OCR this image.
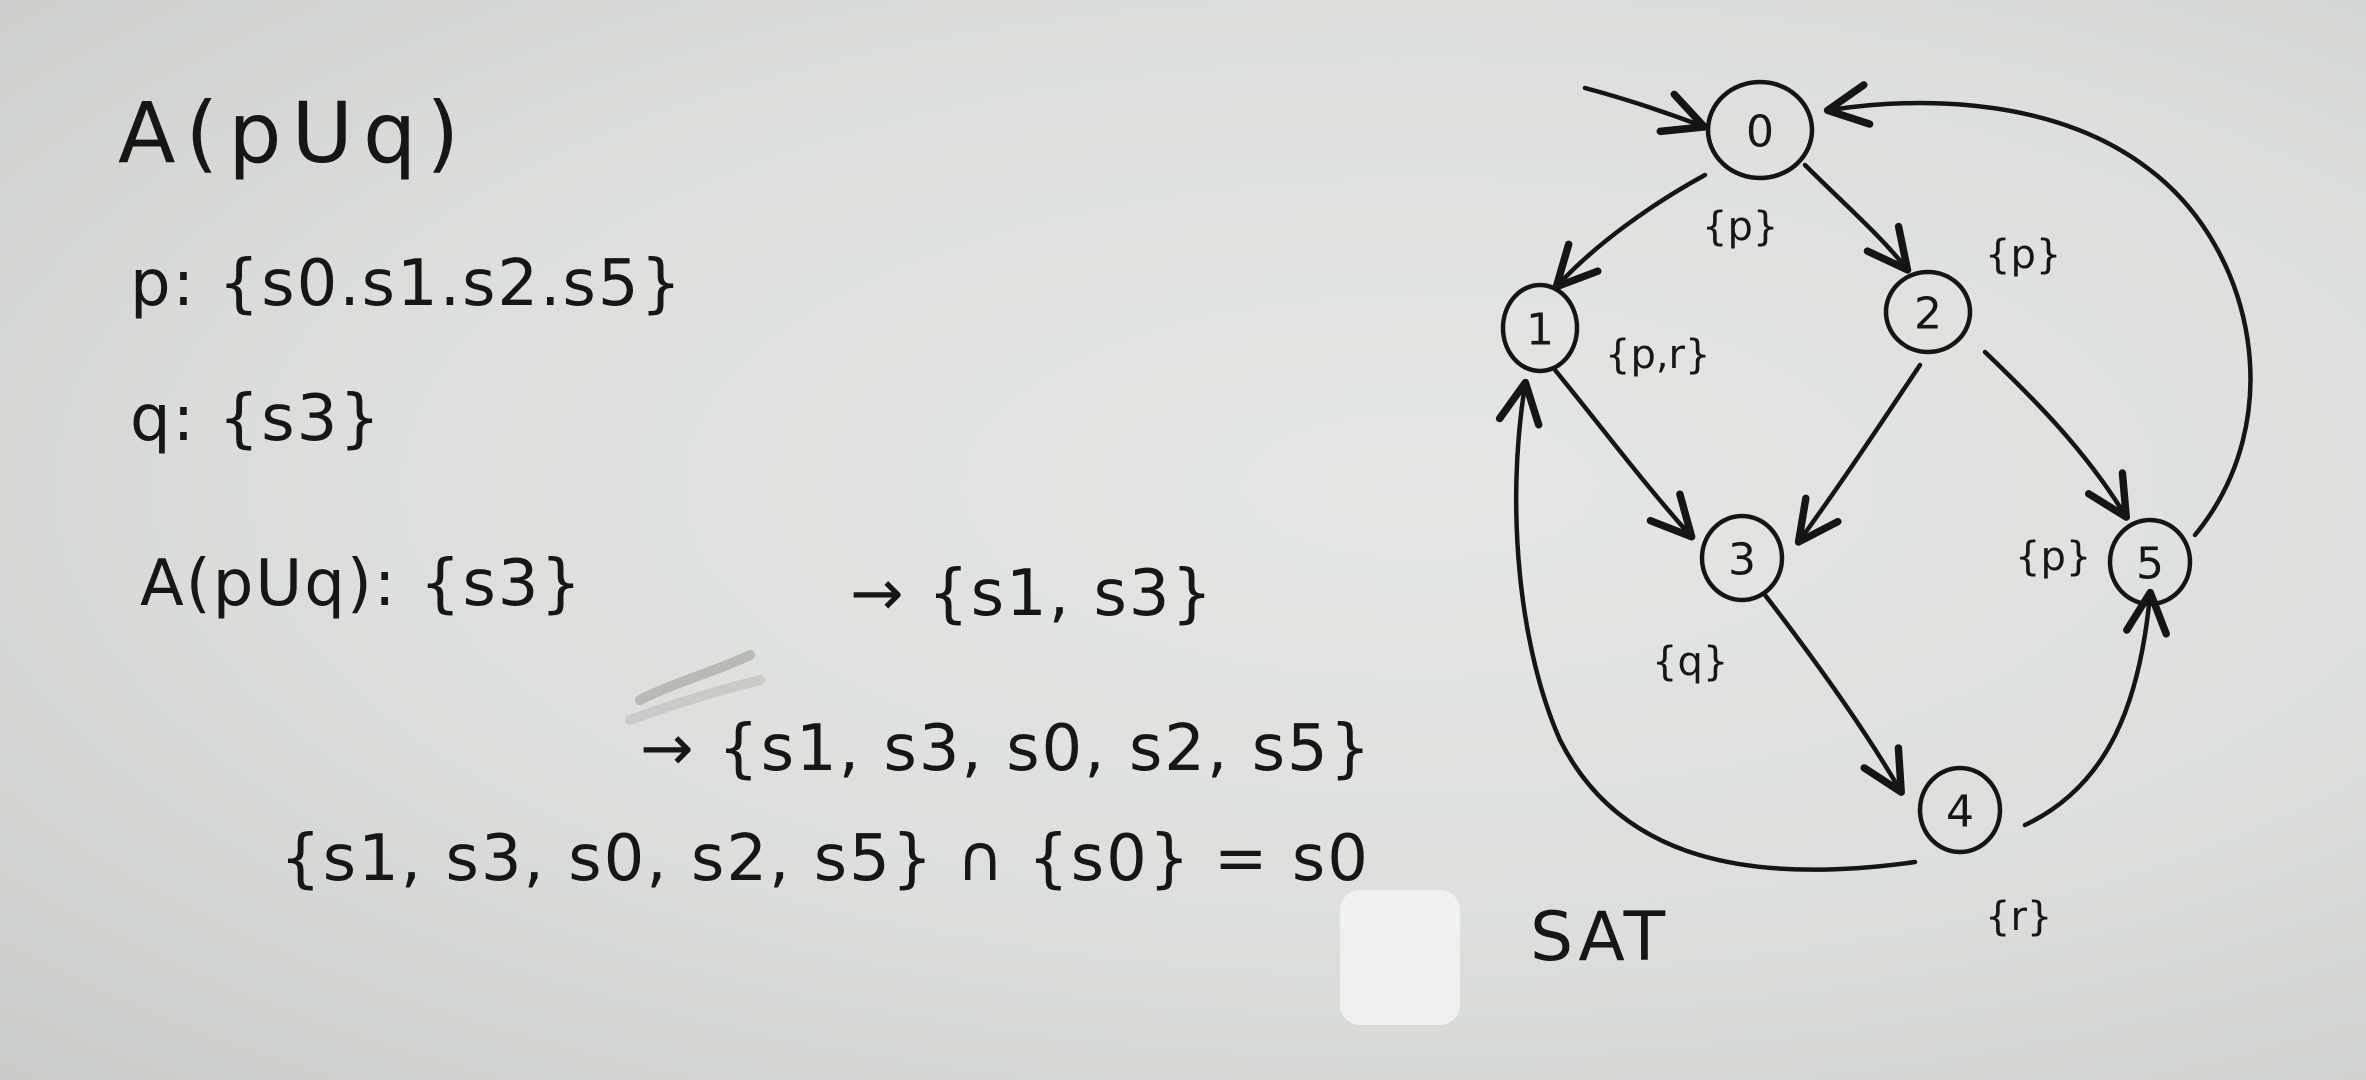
A(pUq)
p: {s0.s1.s2.s5}
q: {s3}
A(pUq): {s3}	→ {s1, s3}
→ {s1, s3, s0, s2, s5}
{s1, s3, s0, s2, s5} ∩ {s0} = s0
0
{p}
1 {p,r}
2
{p}
3
{q}
4
{r}
5
{p}
SAT
